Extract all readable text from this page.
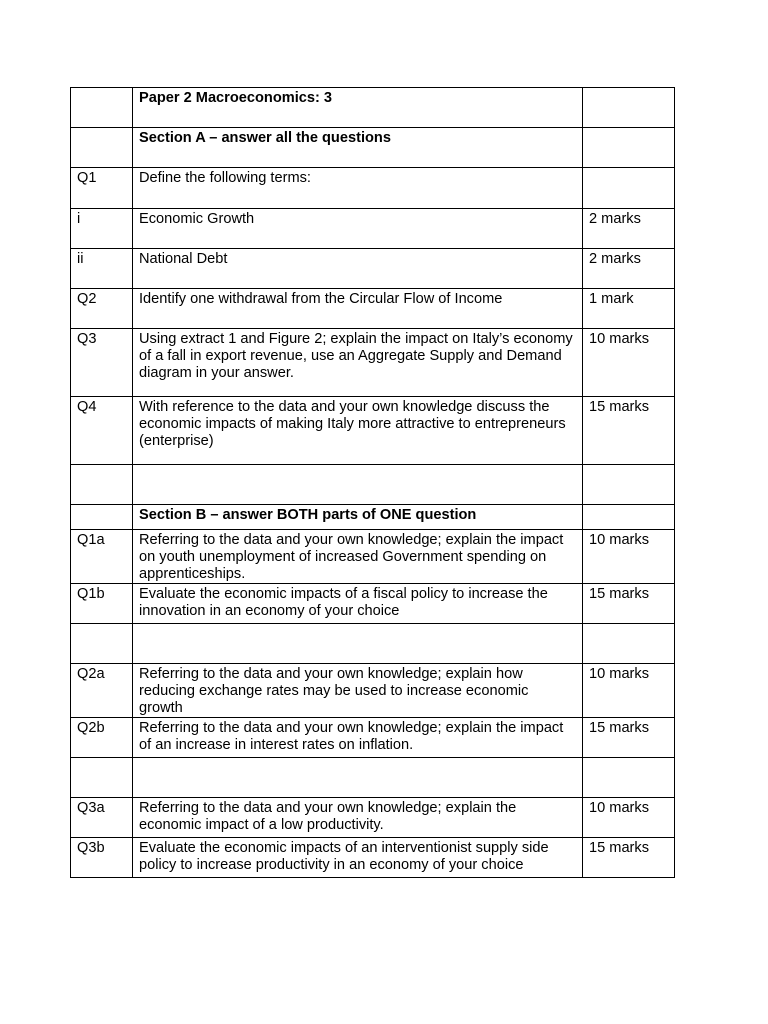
	Paper 2 Macroeconomics: 3	
	Section A – answer all the questions	
Q1	Define the following terms:	
i	Economic Growth	2 marks
ii	National Debt	2 marks
Q2	Identify one withdrawal from the Circular Flow of Income	1 mark
Q3	Using extract 1 and Figure 2; explain the impact on Italy’s economy of a fall in export revenue, use an Aggregate Supply and Demand diagram in your answer.	10 marks
Q4	With reference to the data and your own knowledge discuss the economic impacts of making Italy more attractive to entrepreneurs (enterprise)	15 marks

	Section B – answer BOTH parts of ONE question	
Q1a	Referring to the data and your own knowledge; explain the impact on youth unemployment of increased Government spending on apprenticeships.	10 marks
Q1b	Evaluate the economic impacts of a fiscal policy to increase the innovation in an economy of your choice	15 marks

Q2a	Referring to the data and your own knowledge; explain how reducing exchange rates may be used to increase economic growth	10 marks
Q2b	Referring to the data and your own knowledge; explain the impact of an increase in interest rates on inflation.	15 marks

Q3a	Referring to the data and your own knowledge; explain the economic impact of a low productivity.	10 marks
Q3b	Evaluate the economic impacts of an interventionist supply side policy to increase productivity in an economy of your choice	15 marks
